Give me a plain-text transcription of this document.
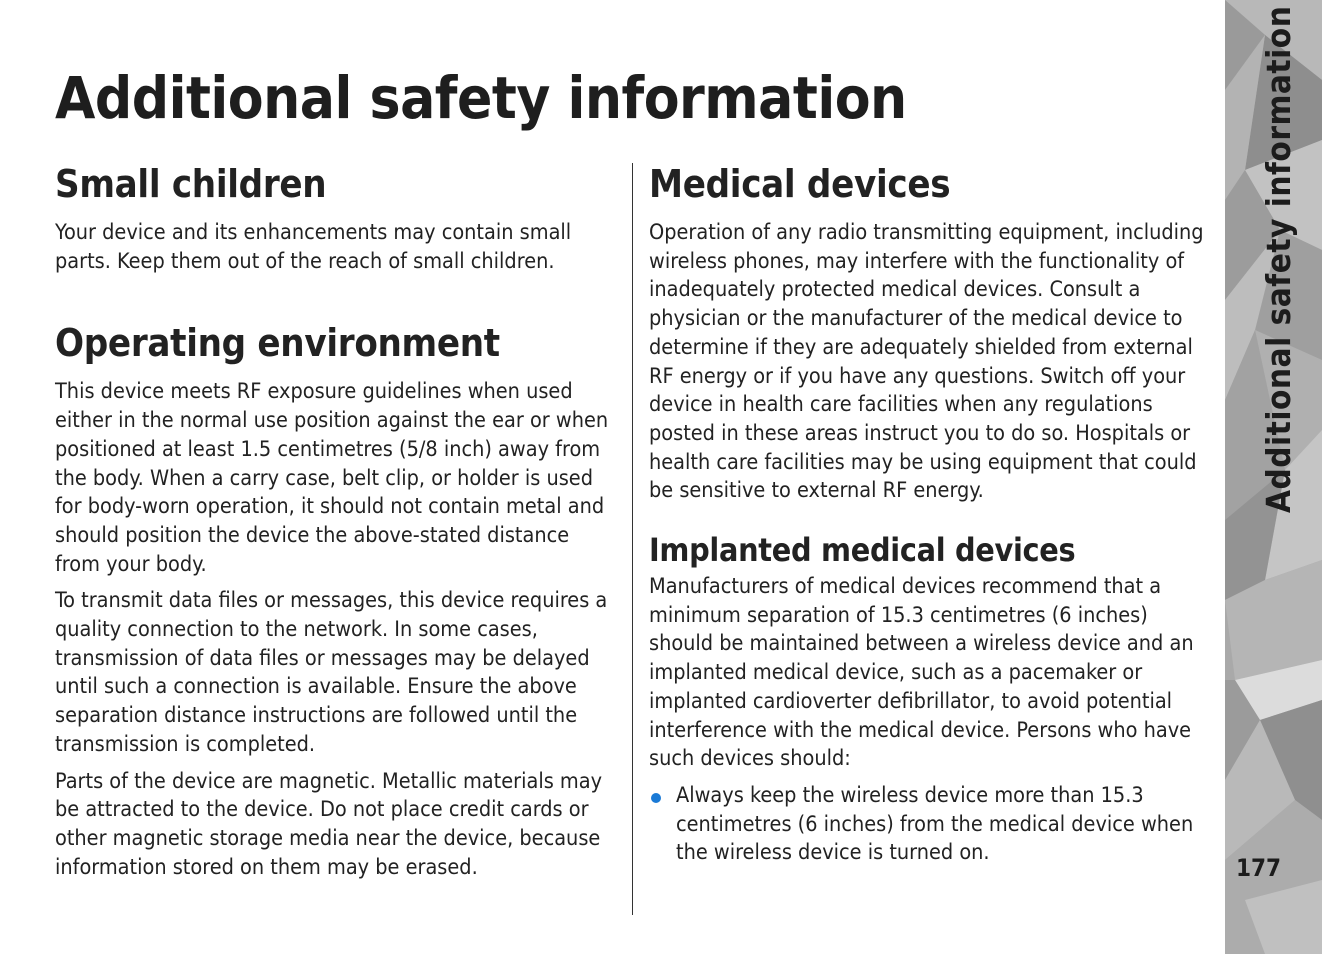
Additional safety information
Small children

Your device and its enhancements may contain small parts. Keep them out of the reach of small children.

Operating environment

This device meets RF exposure guidelines when used either in the normal use position against the ear or when positioned at least 1.5 centimetres (5/8 inch) away from the body. When a carry case, belt clip, or holder is used for body-worn operation, it should not contain metal and should position the device the above-stated distance from your body.

To transmit data files or messages, this device requires a quality connection to the network. In some cases, transmission of data files or messages may be delayed until such a connection is available. Ensure the above separation distance instructions are followed until the transmission is completed.

Parts of the device are magnetic. Metallic materials may be attracted to the device. Do not place credit cards or other magnetic storage media near the device, because information stored on them may be erased.

Medical devices

Operation of any radio transmitting equipment, including wireless phones, may interfere with the functionality of inadequately protected medical devices. Consult a physician or the manufacturer of the medical device to determine if they are adequately shielded from external RF energy or if you have any questions. Switch off your device in health care facilities when any regulations posted in these areas instruct you to do so. Hospitals or health care facilities may be using equipment that could be sensitive to external RF energy.

Implanted medical devices

Manufacturers of medical devices recommend that a minimum separation of 15.3 centimetres (6 inches) should be maintained between a wireless device and an implanted medical device, such as a pacemaker or implanted cardioverter defibrillator, to avoid potential interference with the medical device. Persons who have such devices should:

Always keep the wireless device more than 15.3 centimetres (6 inches) from the medical device when the wireless device is turned on.
Additional safety information
177
